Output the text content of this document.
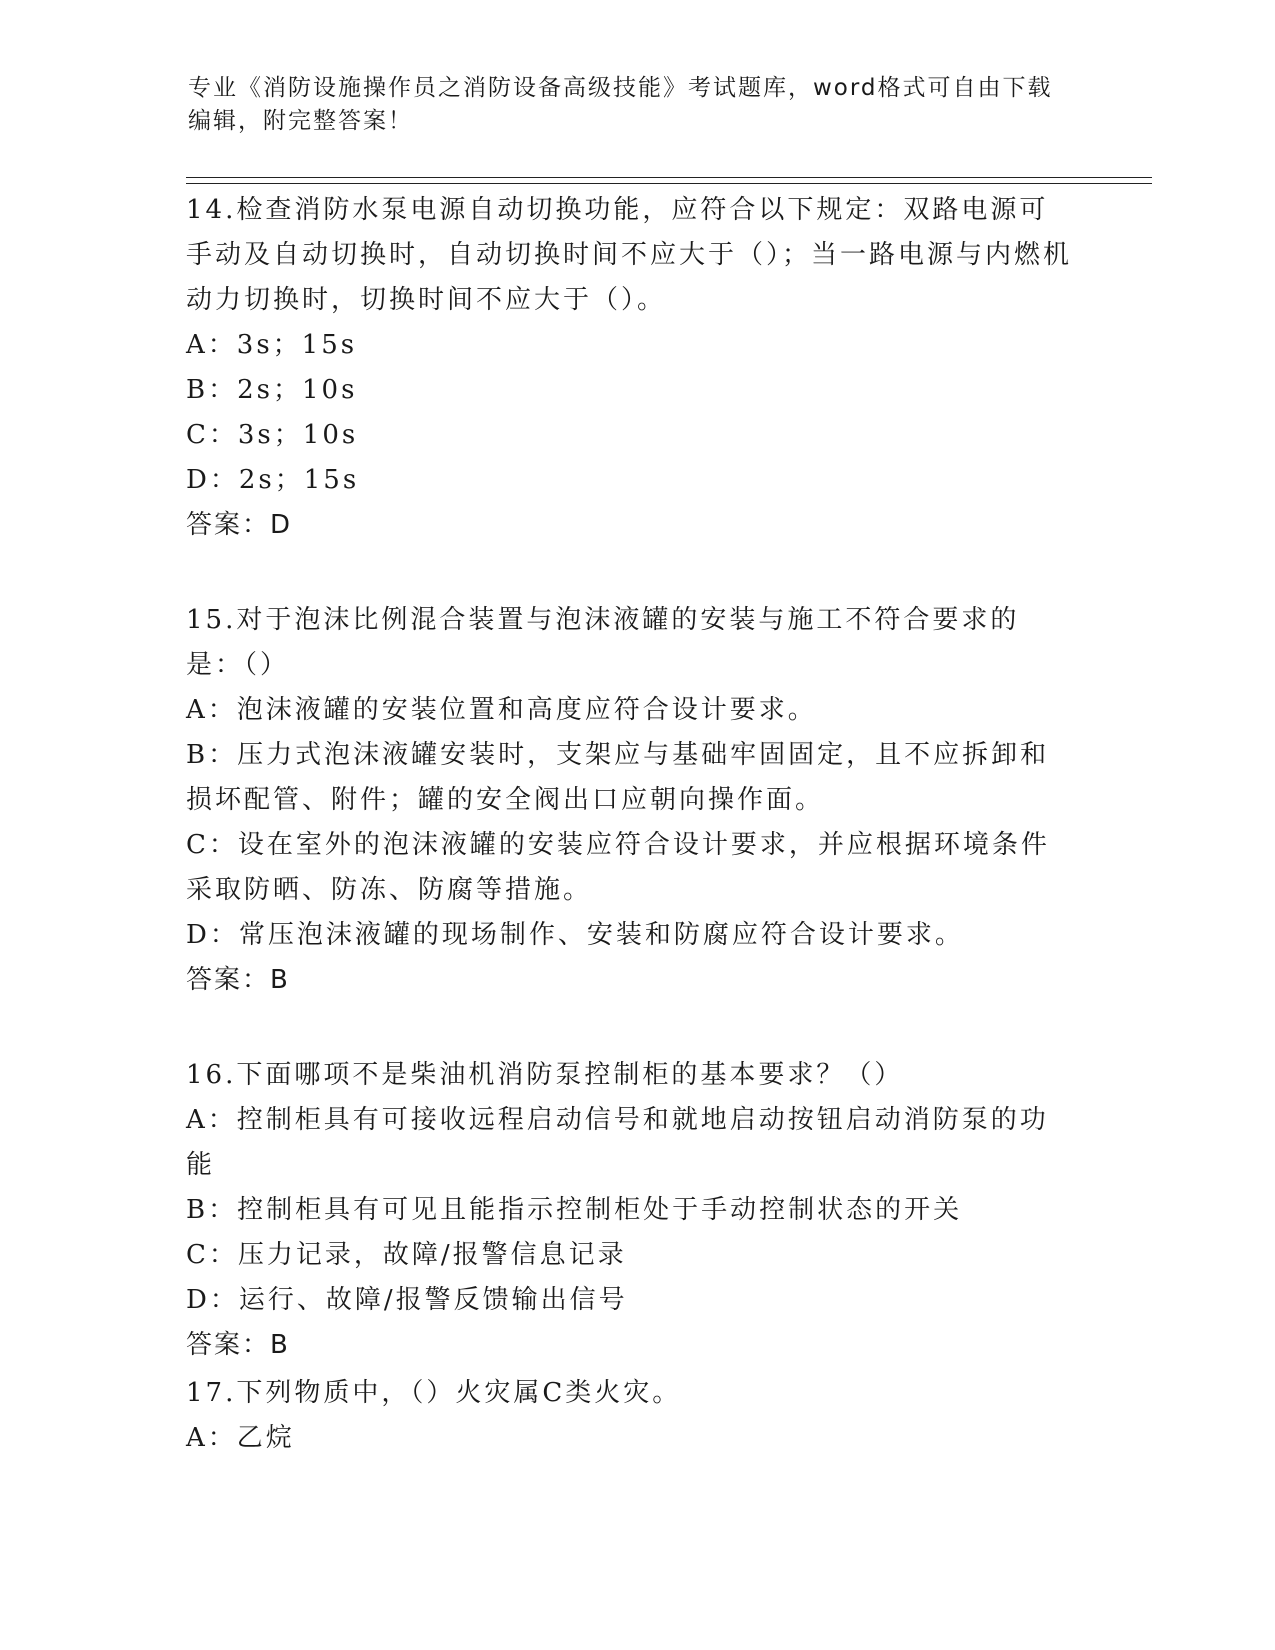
专业《消防设施操作员之消防设备高级技能》考试题库，word格式可自由下载编辑，附完整答案！

14.检查消防水泵电源自动切换功能，应符合以下规定：双路电源可手动及自动切换时，自动切换时间不应大于（）；当一路电源与内燃机动力切换时，切换时间不应大于（）。

A：3s；15s

B：2s；10s

C：3s；10s

D：2s；15s

答案：D

15.对于泡沫比例混合装置与泡沫液罐的安装与施工不符合要求的是：（）

A：泡沫液罐的安装位置和高度应符合设计要求。

B：压力式泡沫液罐安装时，支架应与基础牢固固定，且不应拆卸和损坏配管、附件；罐的安全阀出口应朝向操作面。

C：设在室外的泡沫液罐的安装应符合设计要求，并应根据环境条件采取防晒、防冻、防腐等措施。

D：常压泡沫液罐的现场制作、安装和防腐应符合设计要求。

答案：B

16.下面哪项不是柴油机消防泵控制柜的基本要求？（）

A：控制柜具有可接收远程启动信号和就地启动按钮启动消防泵的功能

B：控制柜具有可见且能指示控制柜处于手动控制状态的开关

C：压力记录，故障/报警信息记录

D：运行、故障/报警反馈输出信号

答案：B

17.下列物质中，（）火灾属C类火灾。

A：乙烷
